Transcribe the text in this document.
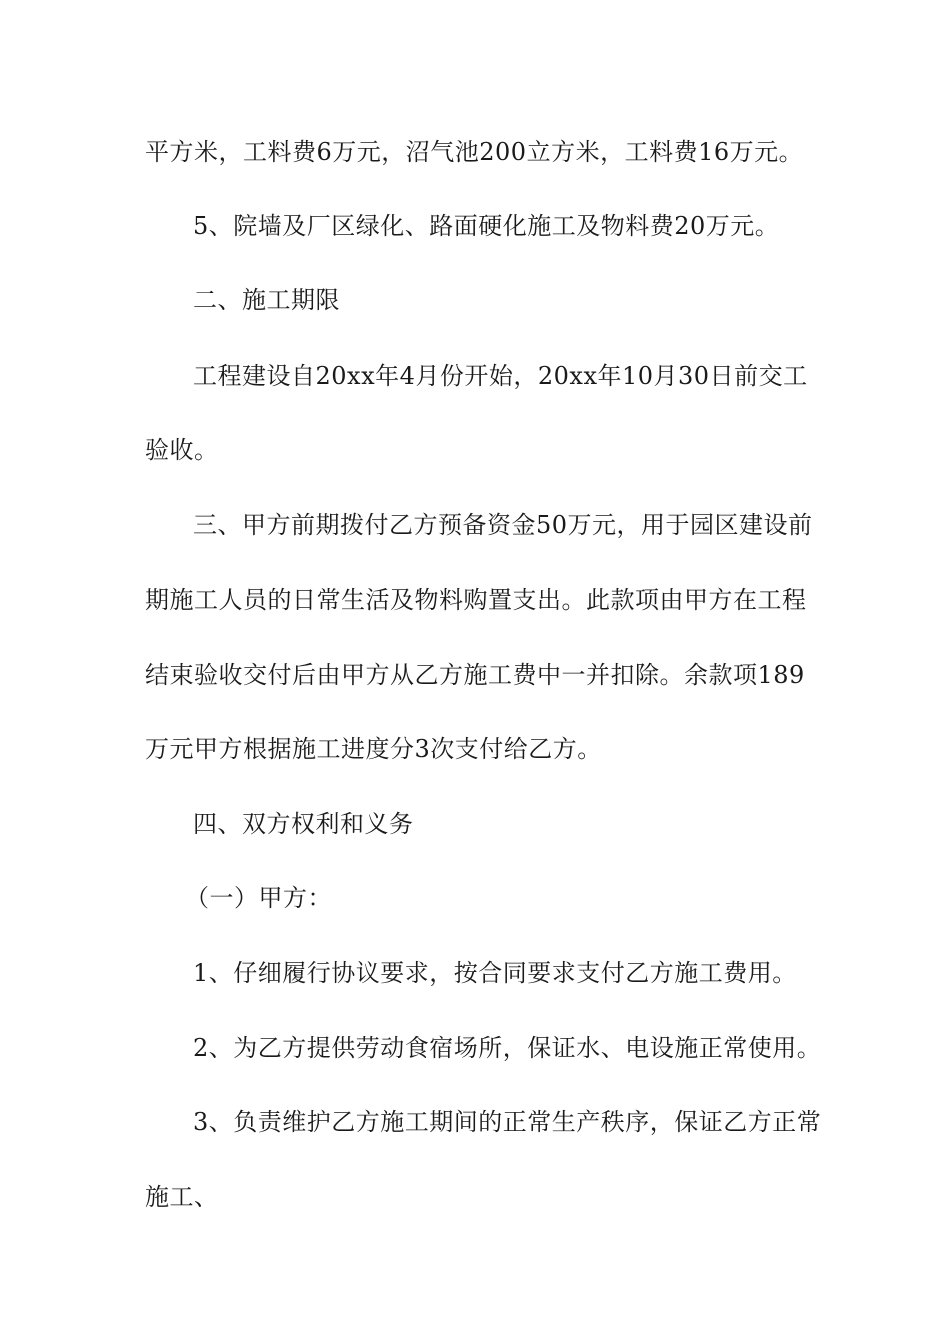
平方米，工料费6万元，沼气池200立方米，工料费16万元。
5、院墙及厂区绿化、路面硬化施工及物料费20万元。
二、施工期限
工程建设自20xx年4月份开始，20xx年10月30日前交工
验收。
三、甲方前期拨付乙方预备资金50万元，用于园区建设前
期施工人员的日常生活及物料购置支出。此款项由甲方在工程
结束验收交付后由甲方从乙方施工费中一并扣除。余款项189
万元甲方根据施工进度分3次支付给乙方。
四、双方权利和义务
（一）甲方：
1、仔细履行协议要求，按合同要求支付乙方施工费用。
2、为乙方提供劳动食宿场所，保证水、电设施正常使用。
3、负责维护乙方施工期间的正常生产秩序，保证乙方正常
施工、
